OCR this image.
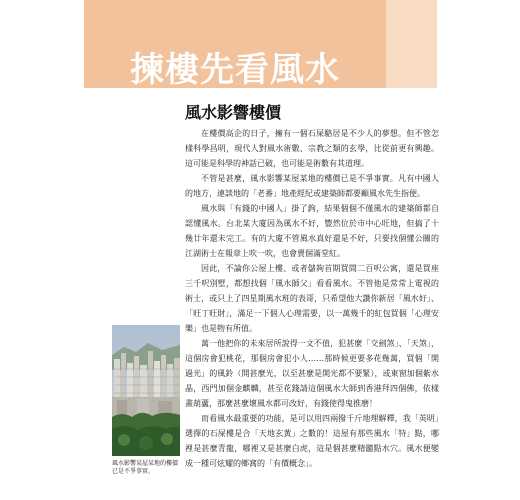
揀樓先看風水
風水影響樓價

在樓價高企的日子，擁有一個石屎駱居是不少人的夢想。但不管怎樣科學昌明，現代人對風水術數、宗教之類的玄學，比從前更有興趣。這可能是科學的神話已破，也可能是術數有其道理。

不管是甚麼，風水影響某屋某地的樓價已是不爭事實。凡有中國人的地方，連談地的「老番」地產經紀或建築師都要顧風水先生指便。

風水與「有錢的中國人」掛了鉤，結果個個不僅風水的建築師都自認懂風水。台北某大廈因為風水不好，豐然位於市中心旺地，但搞了十幾廿年還未完工。有的大廈不管風水真好還是不好，只要找個懂公關的江湖術士在報章上吹一吹，也會賣個滿堂紅。

因此，不論你公屋上樓、或者儲夠首期買間二百呎公寓，還是買座三千呎別墅，都想找個「風水師父」看看風水。不管他是常常上電視的術士，或只上了四星期風水班的表哥，只希望他大讚你新居「風水好」、「旺丁旺財」，滿足一下個人心理需要，以一萬幾千的紅包買個「心理安樂」也是物有所值。

萬一他把你的未來居所說得一文不值，犯甚麼「交劍煞」、「天煞」，這個房會犯桃花，那個房會犯小人……那時候更要多花幾萬，買個「開過光」的風鈴（開甚麼光，以至甚麼是開光都不要緊），或東窗加個紫水晶，西門加個金麒麟，甚至花錢請這個風水大師到香港拜四個佛，依樣畫葫蘆，那麼甚麼壞風水都可改好，有錢使得鬼推磨！

而看風水最重要的功能，是可以用四兩撥千斤地理解釋，我「英明」選擇的石屎樓是合「天地玄黃」之數的！這屋有那些風水「特」點，哪裡是甚麼青龍，哪裡又是甚麼白虎，這是個甚麼精髓點水穴。風水便變成一種可炫耀的鄉窩的「有價概念」。

風水影響某屋某地的樓價已是不爭事實。
